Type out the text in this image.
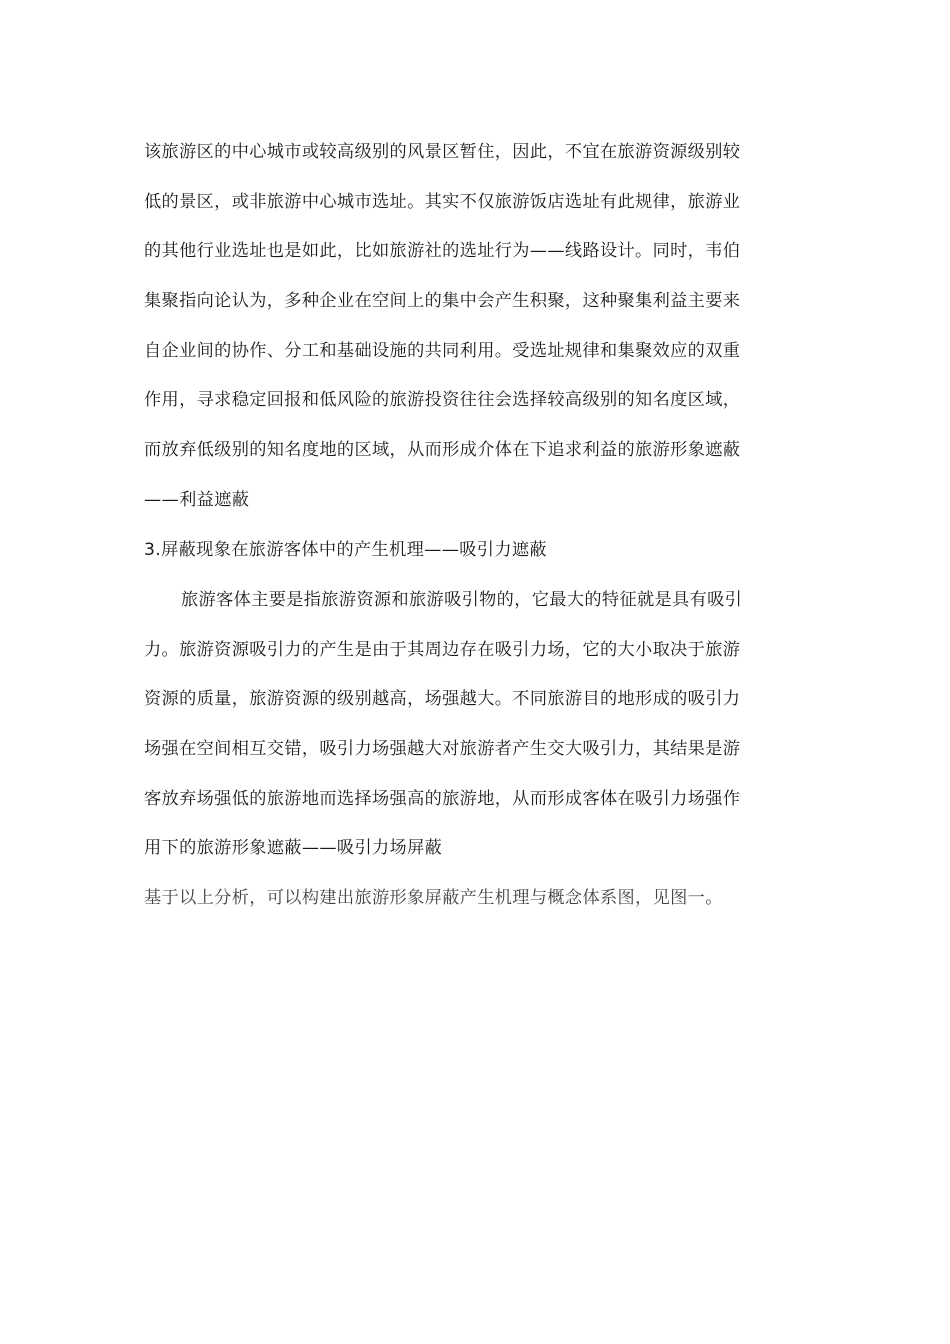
该旅游区的中心城市或较高级别的风景区暂住，因此，不宜在旅游资源级别较
低的景区，或非旅游中心城市选址。其实不仅旅游饭店选址有此规律，旅游业
的其他行业选址也是如此，比如旅游社的选址行为——线路设计。同时，韦伯
集聚指向论认为，多种企业在空间上的集中会产生积聚，这种聚集利益主要来
自企业间的协作、分工和基础设施的共同利用。受选址规律和集聚效应的双重
作用，寻求稳定回报和低风险的旅游投资往往会选择较高级别的知名度区域，
而放弃低级别的知名度地的区域，从而形成介体在下追求利益的旅游形象遮蔽
——利益遮蔽
3.屏蔽现象在旅游客体中的产生机理——吸引力遮蔽
旅游客体主要是指旅游资源和旅游吸引物的，它最大的特征就是具有吸引
力。旅游资源吸引力的产生是由于其周边存在吸引力场，它的大小取决于旅游
资源的质量，旅游资源的级别越高，场强越大。不同旅游目的地形成的吸引力
场强在空间相互交错，吸引力场强越大对旅游者产生交大吸引力，其结果是游
客放弃场强低的旅游地而选择场强高的旅游地，从而形成客体在吸引力场强作
用下的旅游形象遮蔽——吸引力场屏蔽
基于以上分析，可以构建出旅游形象屏蔽产生机理与概念体系图，见图一。
